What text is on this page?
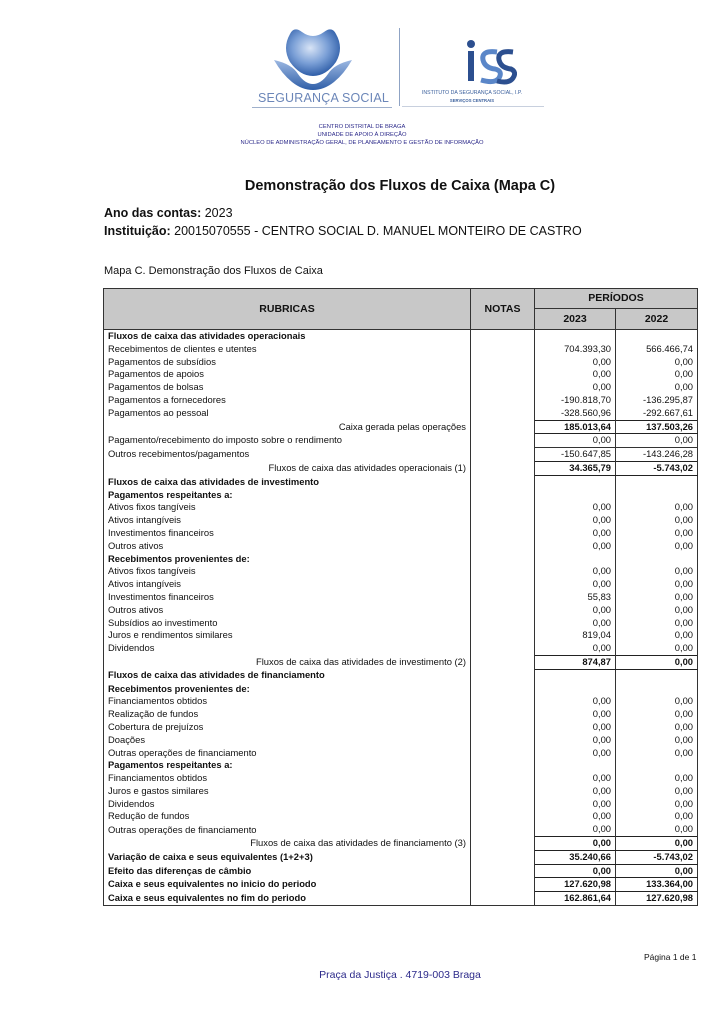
SEGURANÇA SOCIAL	INSTITUTO DA SEGURANÇA SOCIAL, I.P.
SERVIÇOS CENTRAIS
CENTRO DISTRITAL DE BRAGA
UNIDADE DE APOIO À DIREÇÃO
NÚCLEO DE ADMINISTRAÇÃO GERAL, DE PLANEAMENTO E GESTÃO DE INFORMAÇÃO
Demonstração dos Fluxos de Caixa (Mapa C)
Ano das contas: 2023
Instituição: 20015070555 - CENTRO SOCIAL D. MANUEL MONTEIRO DE CASTRO
Mapa C. Demonstração dos Fluxos de Caixa
RUBRICAS	NOTAS	PERÍODOS	
		2023	2022
Fluxos de caixa das atividades operacionais			
Recebimentos de clientes e utentes		704.393,30	566.466,74
Pagamentos de subsídios		0,00	0,00
Pagamentos de apoios		0,00	0,00
Pagamentos de bolsas		0,00	0,00
Pagamentos a fornecedores		-190.818,70	-136.295,87
Pagamentos ao pessoal		-328.560,96	-292.667,61
Caixa gerada pelas operações		185.013,64	137.503,26
Pagamento/recebimento do imposto sobre o rendimento		0,00	0,00
Outros recebimentos/pagamentos		-150.647,85	-143.246,28
Fluxos de caixa das atividades operacionais (1)		34.365,79	-5.743,02
Fluxos de caixa das atividades de investimento			
Pagamentos respeitantes a:			
Ativos fixos tangíveis		0,00	0,00
Ativos intangíveis		0,00	0,00
Investimentos financeiros		0,00	0,00
Outros ativos		0,00	0,00
Recebimentos provenientes de:			
Ativos fixos tangíveis		0,00	0,00
Ativos intangíveis		0,00	0,00
Investimentos financeiros		55,83	0,00
Outros ativos		0,00	0,00
Subsídios ao investimento		0,00	0,00
Juros e rendimentos similares		819,04	0,00
Dividendos		0,00	0,00
Fluxos de caixa das atividades de investimento (2)		874,87	0,00
Fluxos de caixa das atividades de financiamento			
Recebimentos provenientes de:			
Financiamentos obtidos		0,00	0,00
Realização de fundos		0,00	0,00
Cobertura de prejuízos		0,00	0,00
Doações		0,00	0,00
Outras operações de financiamento		0,00	0,00
Pagamentos respeitantes a:			
Financiamentos obtidos		0,00	0,00
Juros e gastos similares		0,00	0,00
Dividendos		0,00	0,00
Redução de fundos		0,00	0,00
Outras operações de financiamento		0,00	0,00
Fluxos de caixa das atividades de financiamento (3)		0,00	0,00
Variação de caixa e seus equivalentes (1+2+3)		35.240,66	-5.743,02
Efeito das diferenças de câmbio		0,00	0,00
Caixa e seus equivalentes no inicio do periodo		127.620,98	133.364,00
Caixa e seus equivalentes no fim do periodo		162.861,64	127.620,98
Página 1 de 1
Praça da Justiça . 4719-003 Braga
